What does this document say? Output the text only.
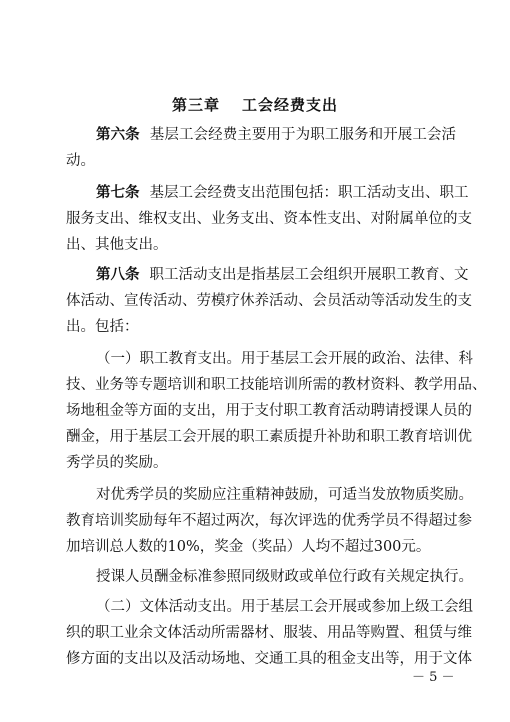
第三章 工会经费支出
第六条 基层工会经费主要用于为职工服务和开展工会活
动。
第七条 基层工会经费支出范围包括：职工活动支出、职工
服务支出、维权支出、业务支出、资本性支出、对附属单位的支
出、其他支出。
第八条 职工活动支出是指基层工会组织开展职工教育、文
体活动、宣传活动、劳模疗休养活动、会员活动等活动发生的支
出。包括：
（一）职工教育支出。用于基层工会开展的政治、法律、科
技、业务等专题培训和职工技能培训所需的教材资料、教学用品、
场地租金等方面的支出，用于支付职工教育活动聘请授课人员的
酬金，用于基层工会开展的职工素质提升补助和职工教育培训优
秀学员的奖励。
对优秀学员的奖励应注重精神鼓励，可适当发放物质奖励。
教育培训奖励每年不超过两次，每次评选的优秀学员不得超过参
加培训总人数的10%，奖金（奖品）人均不超过300元。
授课人员酬金标准参照同级财政或单位行政有关规定执行。
（二）文体活动支出。用于基层工会开展或参加上级工会组
织的职工业余文体活动所需器材、服装、用品等购置、租赁与维
修方面的支出以及活动场地、交通工具的租金支出等，用于文体
－ 5 －
